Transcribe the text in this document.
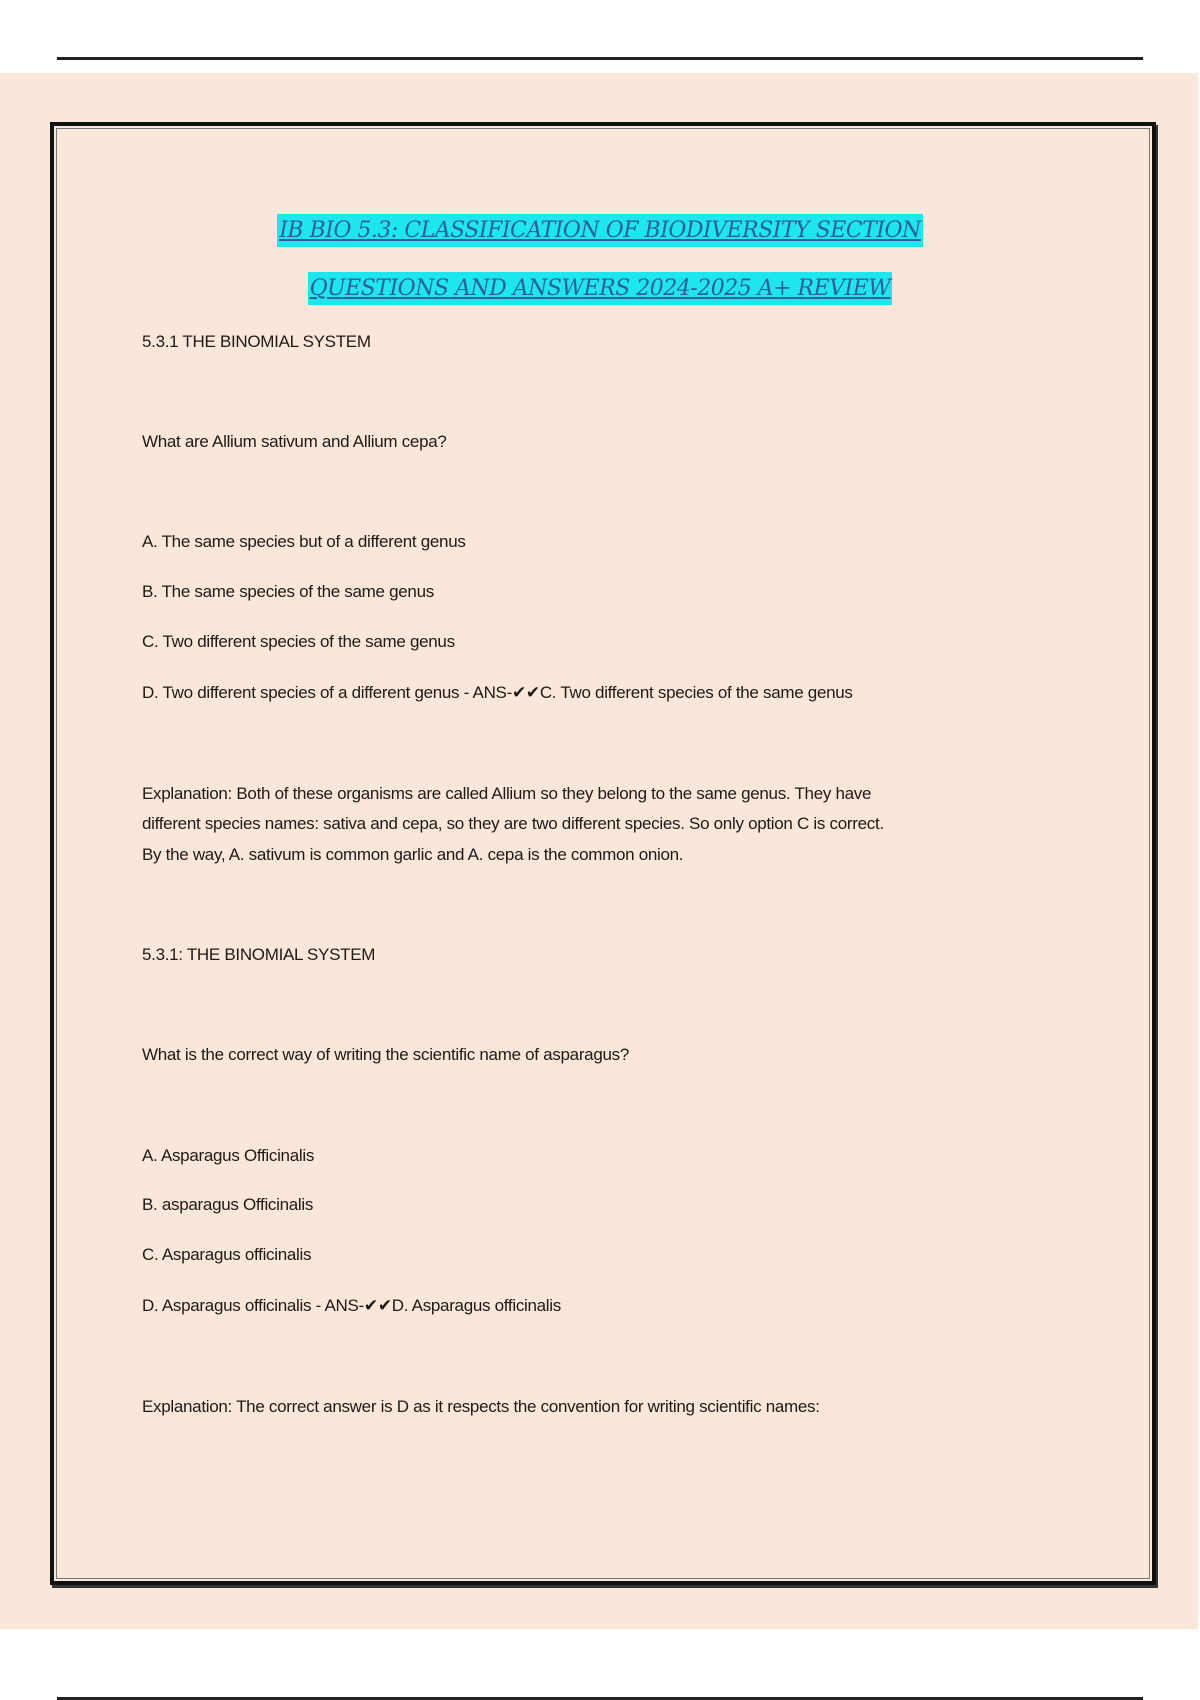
IB BIO 5.3: CLASSIFICATION OF BIODIVERSITY SECTION
QUESTIONS AND ANSWERS 2024-2025 A+ REVIEW
5.3.1 THE BINOMIAL SYSTEM
What are Allium sativum and Allium cepa?
A. The same species but of a different genus
B. The same species of the same genus
C. Two different species of the same genus
D. Two different species of a different genus - ANS-✔✔C. Two different species of the same genus
Explanation: Both of these organisms are called Allium so they belong to the same genus. They have
different species names: sativa and cepa, so they are two different species. So only option C is correct.
By the way, A. sativum is common garlic and A. cepa is the common onion.
5.3.1: THE BINOMIAL SYSTEM
What is the correct way of writing the scientific name of asparagus?
A. Asparagus Officinalis
B. asparagus Officinalis
C. Asparagus officinalis
D. Asparagus officinalis - ANS-✔✔D. Asparagus officinalis
Explanation: The correct answer is D as it respects the convention for writing scientific names:
